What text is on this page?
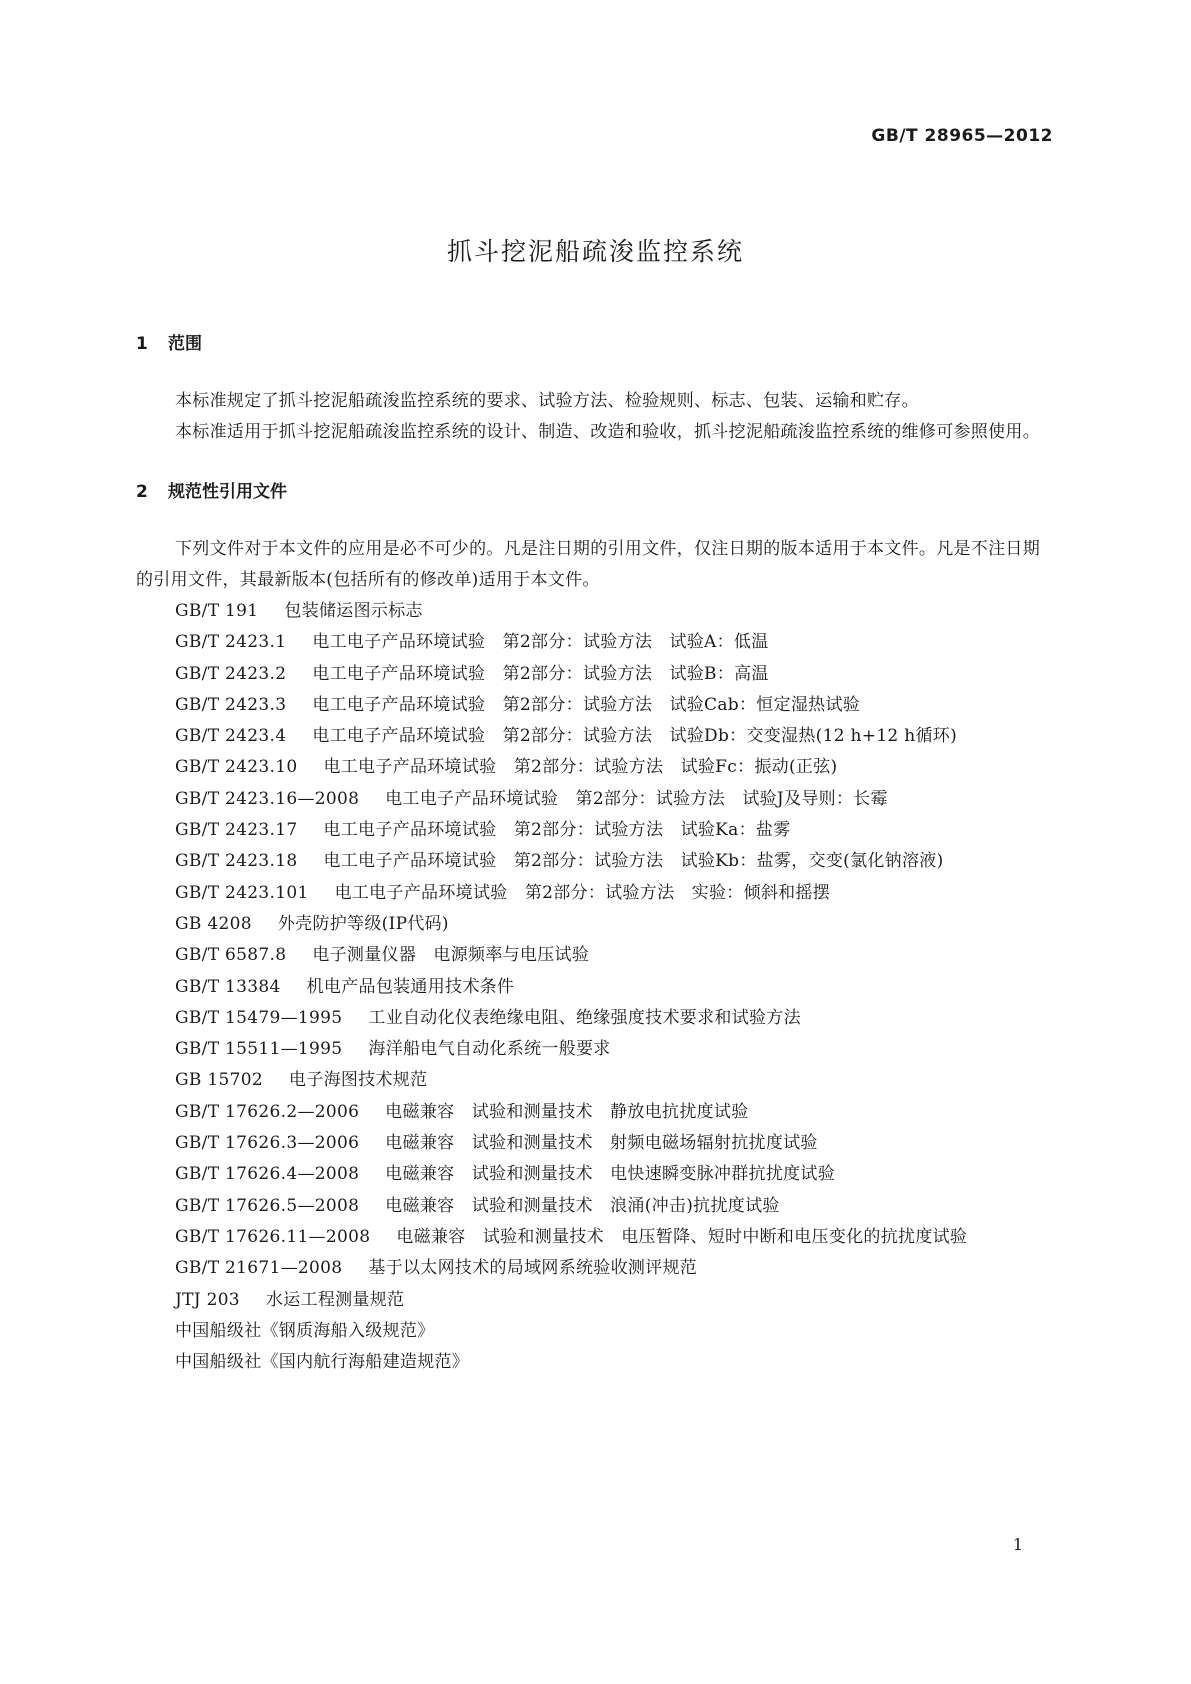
GB/T 28965—2012
抓斗挖泥船疏浚监控系统
1 范围

本标准规定了抓斗挖泥船疏浚监控系统的要求、试验方法、检验规则、标志、包装、运输和贮存。

本标准适用于抓斗挖泥船疏浚监控系统的设计、制造、改造和验收，抓斗挖泥船疏浚监控系统的维修可参照使用。

2 规范性引用文件

下列文件对于本文件的应用是必不可少的。凡是注日期的引用文件，仅注日期的版本适用于本文件。凡是不注日期的引用文件，其最新版本(包括所有的修改单)适用于本文件。

GB/T 191 包装储运图示标志
GB/T 2423.1 电工电子产品环境试验　第2部分：试验方法　试验A：低温
GB/T 2423.2 电工电子产品环境试验　第2部分：试验方法　试验B：高温
GB/T 2423.3 电工电子产品环境试验　第2部分：试验方法　试验Cab：恒定湿热试验
GB/T 2423.4 电工电子产品环境试验　第2部分：试验方法　试验Db：交变湿热(12 h+12 h循环)
GB/T 2423.10 电工电子产品环境试验　第2部分：试验方法　试验Fc：振动(正弦)
GB/T 2423.16—2008 电工电子产品环境试验　第2部分：试验方法　试验J及导则：长霉
GB/T 2423.17 电工电子产品环境试验　第2部分：试验方法　试验Ka：盐雾
GB/T 2423.18 电工电子产品环境试验　第2部分：试验方法　试验Kb：盐雾，交变(氯化钠溶液)
GB/T 2423.101 电工电子产品环境试验　第2部分：试验方法　实验：倾斜和摇摆
GB 4208 外壳防护等级(IP代码)
GB/T 6587.8 电子测量仪器　电源频率与电压试验
GB/T 13384 机电产品包装通用技术条件
GB/T 15479—1995 工业自动化仪表绝缘电阻、绝缘强度技术要求和试验方法
GB/T 15511—1995 海洋船电气自动化系统一般要求
GB 15702 电子海图技术规范
GB/T 17626.2—2006 电磁兼容　试验和测量技术　静放电抗扰度试验
GB/T 17626.3—2006 电磁兼容　试验和测量技术　射频电磁场辐射抗扰度试验
GB/T 17626.4—2008 电磁兼容　试验和测量技术　电快速瞬变脉冲群抗扰度试验
GB/T 17626.5—2008 电磁兼容　试验和测量技术　浪涌(冲击)抗扰度试验
GB/T 17626.11—2008 电磁兼容　试验和测量技术　电压暂降、短时中断和电压变化的抗扰度试验
GB/T 21671—2008 基于以太网技术的局域网系统验收测评规范
JTJ 203 水运工程测量规范
中国船级社《钢质海船入级规范》
中国船级社《国内航行海船建造规范》
1
